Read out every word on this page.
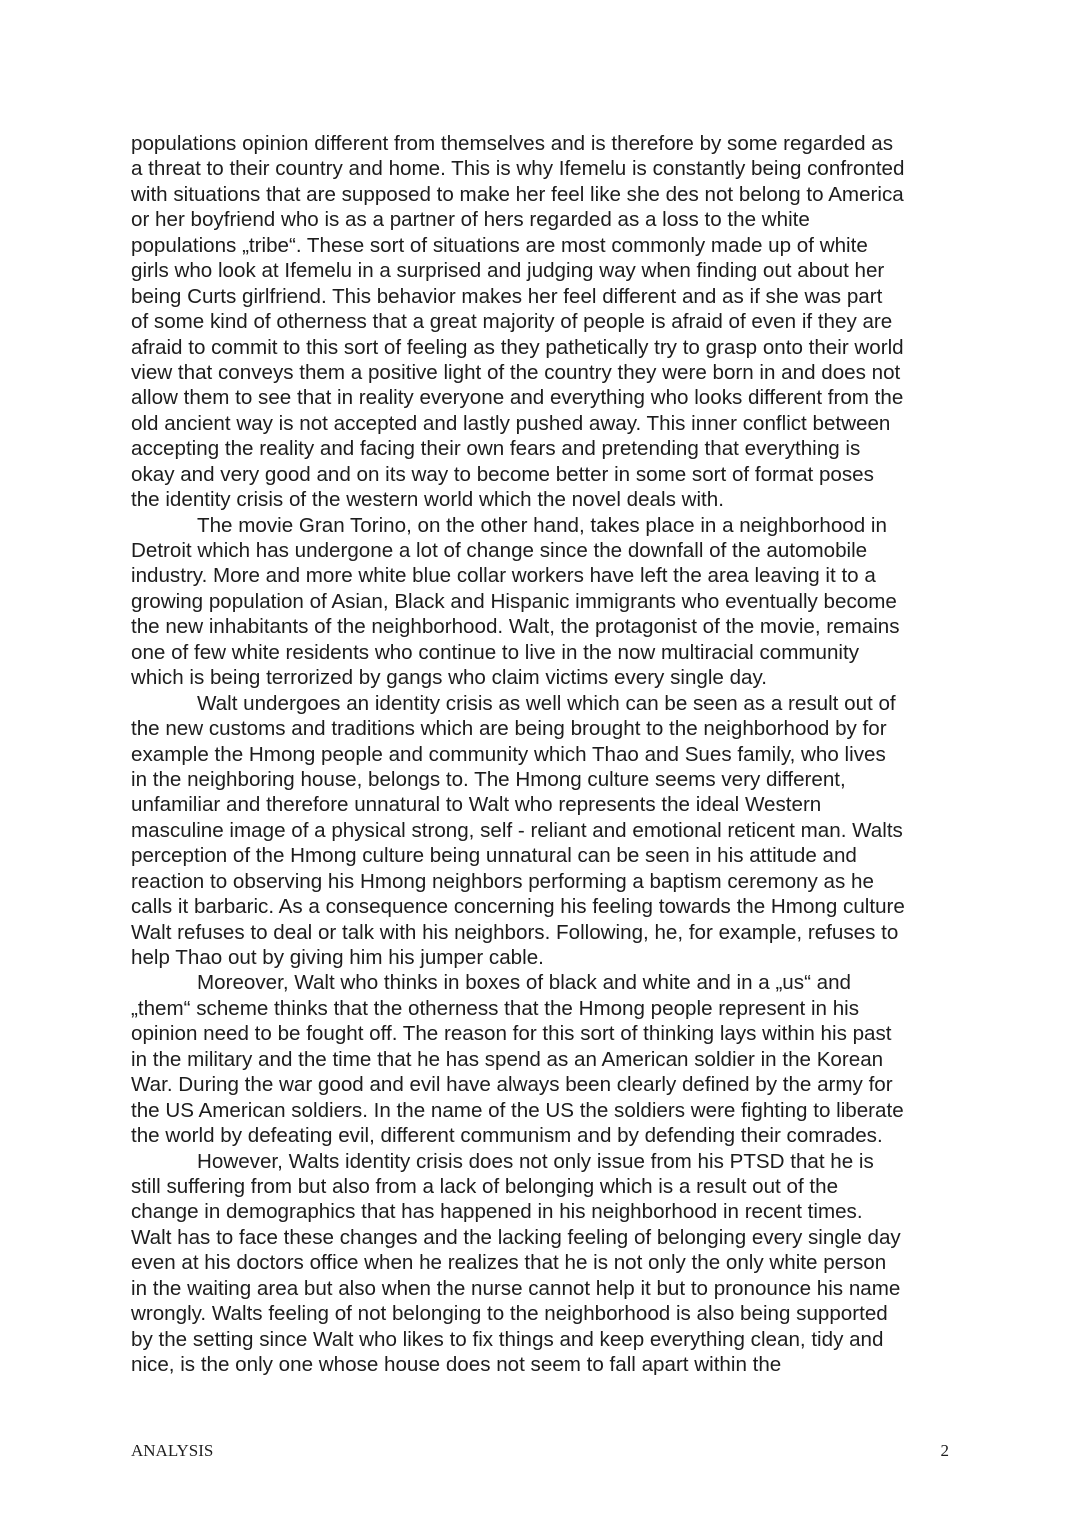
populations opinion different from themselves and is therefore by some regarded as
a threat to their country and home. This is why Ifemelu is constantly being confronted
with situations that are supposed to make her feel like she des not belong to America
or her boyfriend who is as a partner of hers regarded as a loss to the white
populations „tribe“. These sort of situations are most commonly made up of white
girls who look at Ifemelu in a surprised and judging way when finding out about her
being Curts girlfriend. This behavior makes her feel different and as if she was part
of some kind of otherness that a great majority of people is afraid of even if they are
afraid to commit to this sort of feeling as they pathetically try to grasp onto their world
view that conveys them a positive light of the country they were born in and does not
allow them to see that in reality everyone and everything who looks different from the
old ancient way is not accepted and lastly pushed away. This inner conflict between
accepting the reality and facing their own fears and pretending that everything is
okay and very good and on its way to become better in some sort of format poses
the identity crisis of the western world which the novel deals with.
The movie Gran Torino, on the other hand, takes place in a neighborhood in
Detroit which has undergone a lot of change since the downfall of the automobile
industry. More and more white blue collar workers have left the area leaving it to a
growing population of Asian, Black and Hispanic immigrants who eventually become
the new inhabitants of the neighborhood. Walt, the protagonist of the movie, remains
one of few white residents who continue to live in the now multiracial community
which is being terrorized by gangs who claim victims every single day.
Walt undergoes an identity crisis as well which can be seen as a result out of
the new customs and traditions which are being brought to the neighborhood by for
example the Hmong people and community which Thao and Sues family, who lives
in the neighboring house, belongs to. The Hmong culture seems very different,
unfamiliar and therefore unnatural to Walt who represents the ideal Western
masculine image of a physical strong, self - reliant and emotional reticent man. Walts
perception of the Hmong culture being unnatural can be seen in his attitude and
reaction to observing his Hmong neighbors performing a baptism ceremony as he
calls it barbaric. As a consequence concerning his feeling towards the Hmong culture
Walt refuses to deal or talk with his neighbors. Following, he, for example, refuses to
help Thao out by giving him his jumper cable.
Moreover, Walt who thinks in boxes of black and white and in a „us“ and
„them“ scheme thinks that the otherness that the Hmong people represent in his
opinion need to be fought off. The reason for this sort of thinking lays within his past
in the military and the time that he has spend as an American soldier in the Korean
War. During the war good and evil have always been clearly defined by the army for
the US American soldiers. In the name of the US the soldiers were fighting to liberate
the world by defeating evil, different communism and by defending their comrades.
However, Walts identity crisis does not only issue from his PTSD that he is
still suffering from but also from a lack of belonging which is a result out of the
change in demographics that has happened in his neighborhood in recent times.
Walt has to face these changes and the lacking feeling of belonging every single day
even at his doctors office when he realizes that he is not only the only white person
in the waiting area but also when the nurse cannot help it but to pronounce his name
wrongly. Walts feeling of not belonging to the neighborhood is also being supported
by the setting since Walt who likes to fix things and keep everything clean, tidy and
nice, is the only one whose house does not seem to fall apart within the
ANALYSIS	2
